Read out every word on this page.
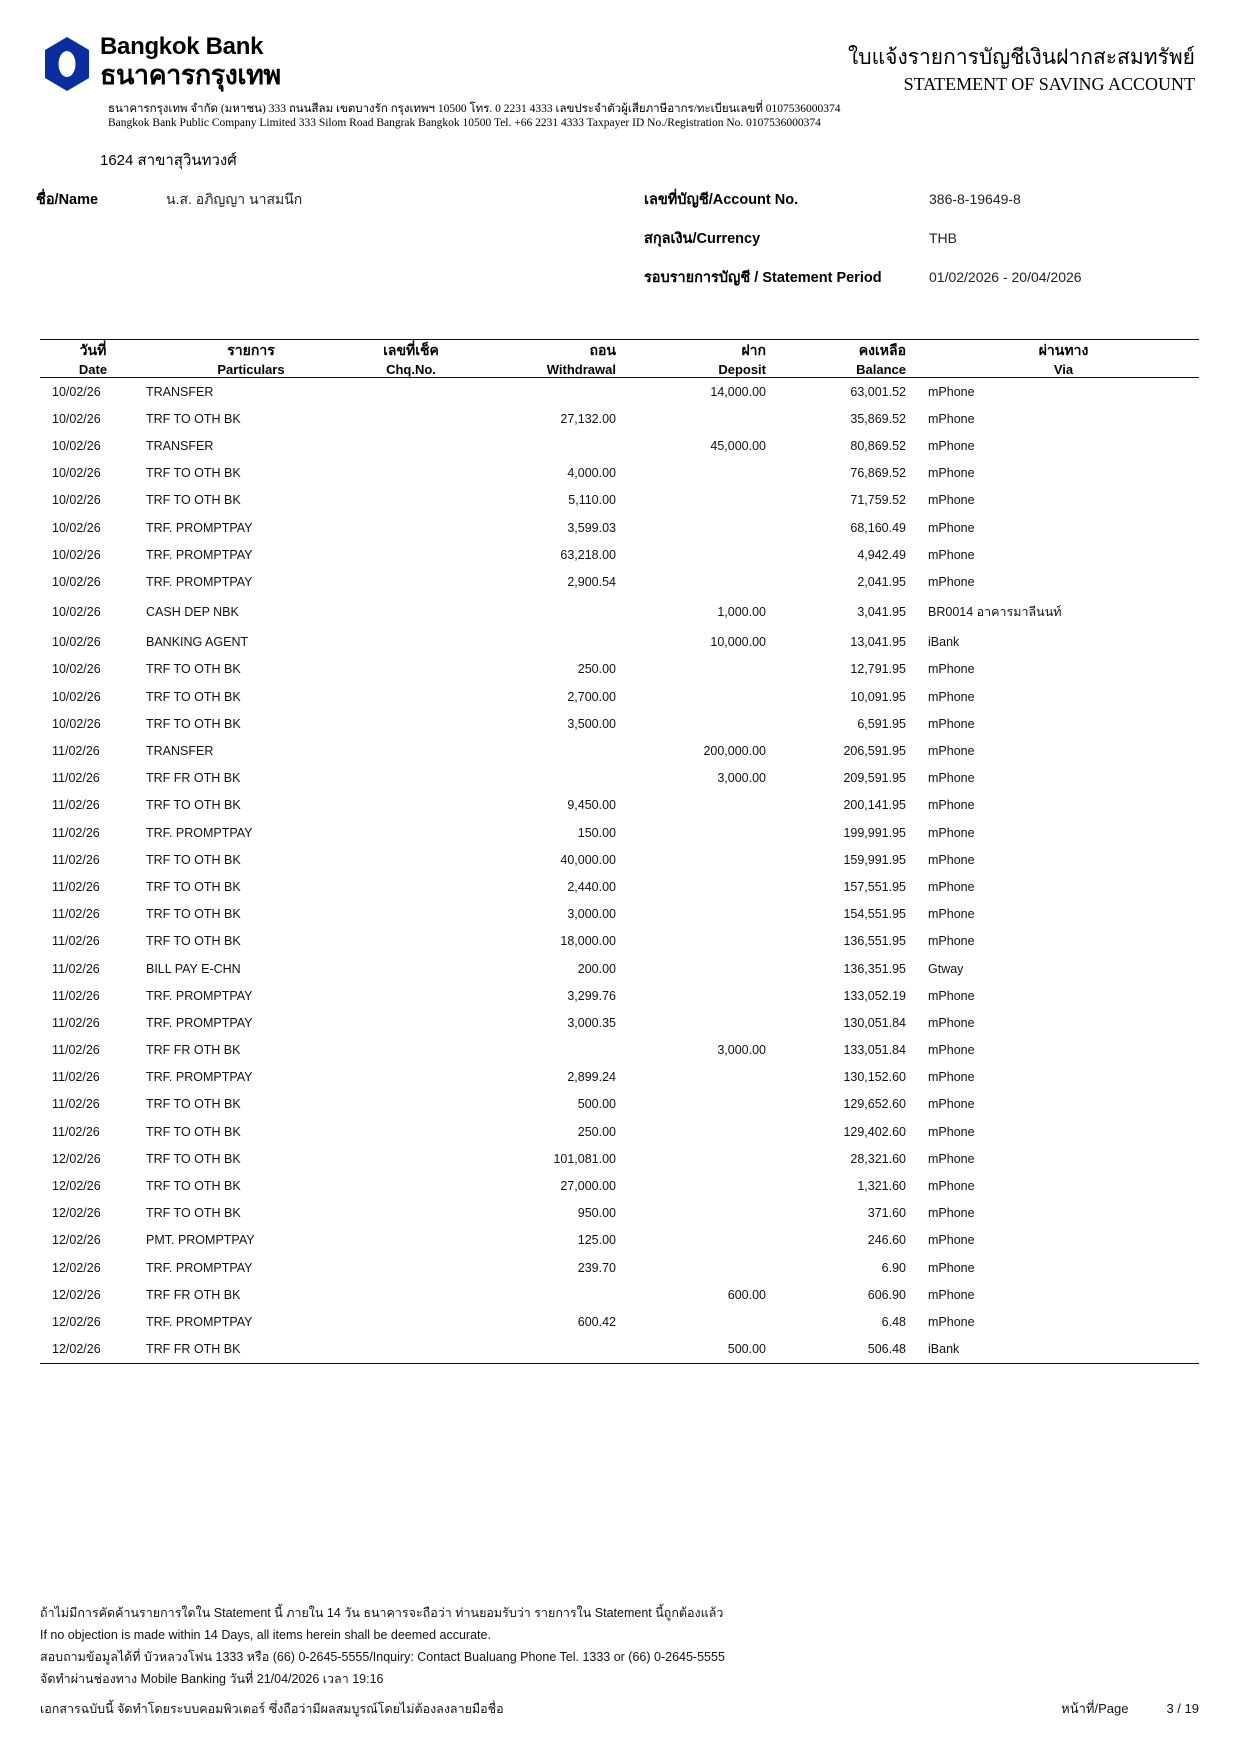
Bangkok Bank
ธนาคารกรุงเทพ
ใบแจ้งรายการบัญชีเงินฝากสะสมทรัพย์
STATEMENT OF SAVING ACCOUNT
ธนาคารกรุงเทพ จำกัด (มหาชน) 333 ถนนสีลม เขตบางรัก กรุงเทพฯ 10500 โทร. 0 2231 4333 เลขประจำตัวผู้เสียภาษีอากร/ทะเบียนเลขที่ 0107536000374
Bangkok Bank Public Company Limited 333 Silom Road Bangrak Bangkok 10500 Tel. +66 2231 4333 Taxpayer ID No./Registration No. 0107536000374
1624 สาขาสุวินทวงศ์
ชื่อ/Name	น.ส. อภิญญา นาสมนึก	เลขที่บัญชี/Account No.	386-8-19649-8
สกุลเงิน/Currency	THB
รอบรายการบัญชี / Statement Period	01/02/2026 - 20/04/2026
วันที่	รายการ	เลขที่เช็ค	ถอน	ฝาก	คงเหลือ	ผ่านทาง
Date	Particulars	Chq.No.	Withdrawal	Deposit	Balance	Via
10/02/26	TRANSFER			14,000.00	63,001.52	mPhone
10/02/26	TRF TO OTH BK		27,132.00		35,869.52	mPhone
10/02/26	TRANSFER			45,000.00	80,869.52	mPhone
10/02/26	TRF TO OTH BK		4,000.00		76,869.52	mPhone
10/02/26	TRF TO OTH BK		5,110.00		71,759.52	mPhone
10/02/26	TRF. PROMPTPAY		3,599.03		68,160.49	mPhone
10/02/26	TRF. PROMPTPAY		63,218.00		4,942.49	mPhone
10/02/26	TRF. PROMPTPAY		2,900.54		2,041.95	mPhone
10/02/26	CASH DEP NBK			1,000.00	3,041.95	BR0014 อาคารมาลีนนท์
10/02/26	BANKING AGENT			10,000.00	13,041.95	iBank
10/02/26	TRF TO OTH BK		250.00		12,791.95	mPhone
10/02/26	TRF TO OTH BK		2,700.00		10,091.95	mPhone
10/02/26	TRF TO OTH BK		3,500.00		6,591.95	mPhone
11/02/26	TRANSFER			200,000.00	206,591.95	mPhone
11/02/26	TRF FR OTH BK			3,000.00	209,591.95	mPhone
11/02/26	TRF TO OTH BK		9,450.00		200,141.95	mPhone
11/02/26	TRF. PROMPTPAY		150.00		199,991.95	mPhone
11/02/26	TRF TO OTH BK		40,000.00		159,991.95	mPhone
11/02/26	TRF TO OTH BK		2,440.00		157,551.95	mPhone
11/02/26	TRF TO OTH BK		3,000.00		154,551.95	mPhone
11/02/26	TRF TO OTH BK		18,000.00		136,551.95	mPhone
11/02/26	BILL PAY E-CHN		200.00		136,351.95	Gtway
11/02/26	TRF. PROMPTPAY		3,299.76		133,052.19	mPhone
11/02/26	TRF. PROMPTPAY		3,000.35		130,051.84	mPhone
11/02/26	TRF FR OTH BK			3,000.00	133,051.84	mPhone
11/02/26	TRF. PROMPTPAY		2,899.24		130,152.60	mPhone
11/02/26	TRF TO OTH BK		500.00		129,652.60	mPhone
11/02/26	TRF TO OTH BK		250.00		129,402.60	mPhone
12/02/26	TRF TO OTH BK		101,081.00		28,321.60	mPhone
12/02/26	TRF TO OTH BK		27,000.00		1,321.60	mPhone
12/02/26	TRF TO OTH BK		950.00		371.60	mPhone
12/02/26	PMT. PROMPTPAY		125.00		246.60	mPhone
12/02/26	TRF. PROMPTPAY		239.70		6.90	mPhone
12/02/26	TRF FR OTH BK			600.00	606.90	mPhone
12/02/26	TRF. PROMPTPAY		600.42		6.48	mPhone
12/02/26	TRF FR OTH BK			500.00	506.48	iBank
ถ้าไม่มีการคัดค้านรายการใดใน Statement นี้ ภายใน 14 วัน ธนาคารจะถือว่า ท่านยอมรับว่า รายการใน Statement นี้ถูกต้องแล้ว
If no objection is made within 14 Days, all items herein shall be deemed accurate.
สอบถามข้อมูลได้ที่ บัวหลวงโฟน 1333 หรือ (66) 0-2645-5555/Inquiry: Contact Bualuang Phone Tel. 1333 or (66) 0-2645-5555
จัดทำผ่านช่องทาง Mobile Banking วันที่ 21/04/2026 เวลา 19:16
เอกสารฉบับนี้ จัดทำโดยระบบคอมพิวเตอร์ ซึ่งถือว่ามีผลสมบูรณ์โดยไม่ต้องลงลายมือชื่อ	หน้าที่/Page	3 / 19
